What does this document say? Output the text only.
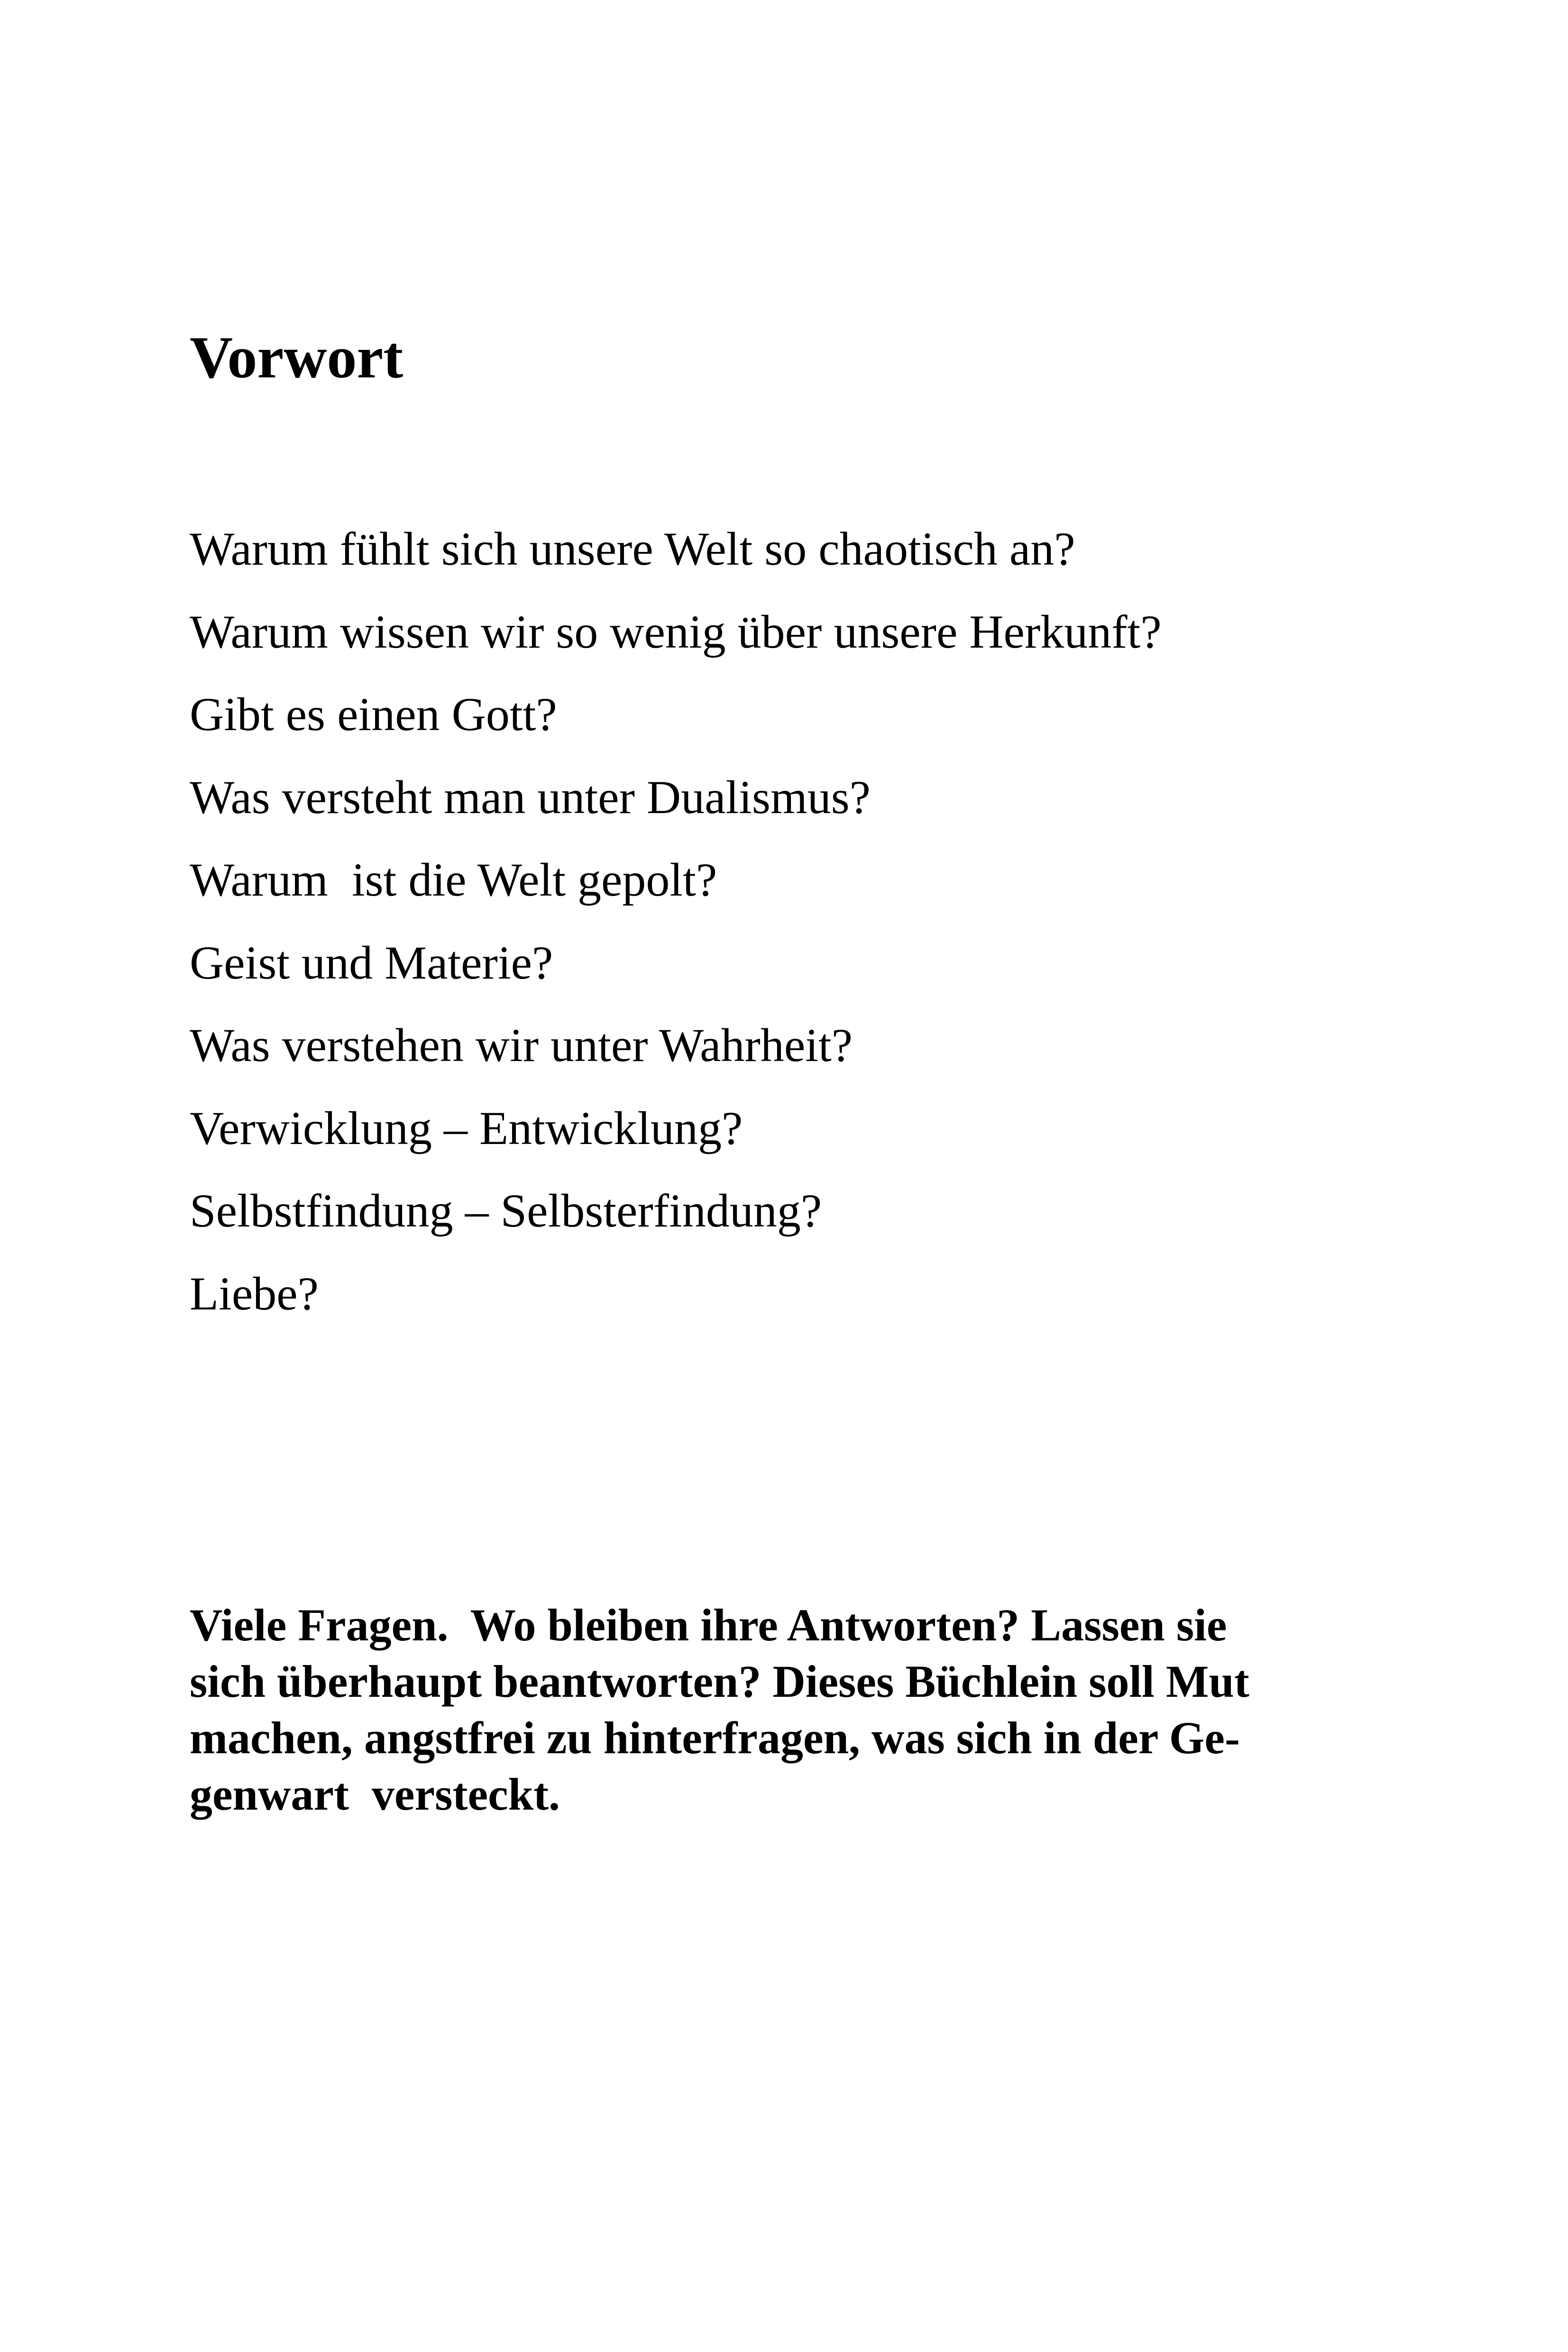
Vorwort
Warum fühlt sich unsere Welt so chaotisch an?
Warum wissen wir so wenig über unsere Herkunft?
Gibt es einen Gott?
Was versteht man unter Dualismus?
Warum  ist die Welt gepolt?
Geist und Materie?
Was verstehen wir unter Wahrheit?
Verwicklung – Entwicklung?
Selbstfindung – Selbsterfindung?
Liebe?

Viele Fragen.  Wo bleiben ihre Antworten? Lassen sie
sich überhaupt beantworten? Dieses Büchlein soll Mut
machen, angstfrei zu hinterfragen, was sich in der Ge-
genwart  versteckt.
